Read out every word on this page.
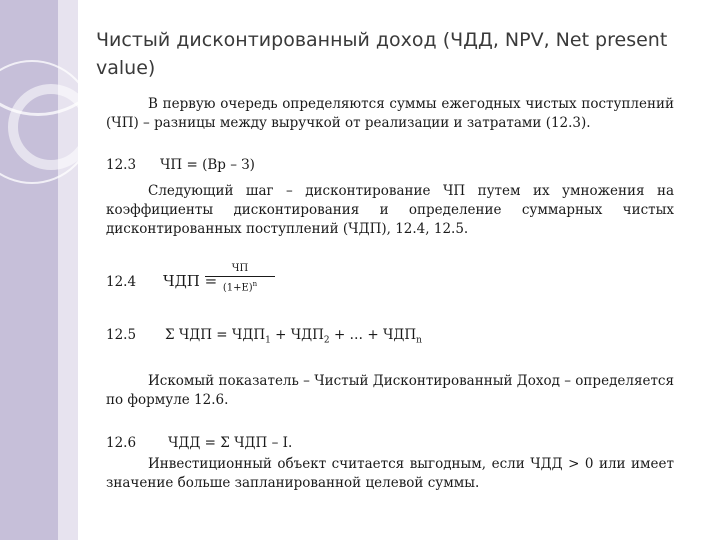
Чистый дисконтированный доход (ЧДД, NPV, Net present value)
В первую очередь определяются суммы ежегодных чистых поступлений (ЧП) – разницы между выручкой от реализации и затратами (12.3).
12.3 ЧП = (Вр – З)
Следующий шаг – дисконтирование ЧП путем их умножения на коэффициенты дисконтирования и определение суммарных чистых дисконтированных поступлений (ЧДП), 12.4, 12.5.
12.4 ЧДП =
ЧП
$(1+Е)^n$
12.5 Σ ЧДП = $ЧДП_1 + ЧДП_2$ + … + $ЧДП_n$
Искомый показатель – Чистый Дисконтированный Доход – определяется по формуле 12.6.
12.6 ЧДД = Σ ЧДП – I.
Инвестиционный объект считается выгодным, если ЧДД > 0 или имеет значение больше запланированной целевой суммы.
